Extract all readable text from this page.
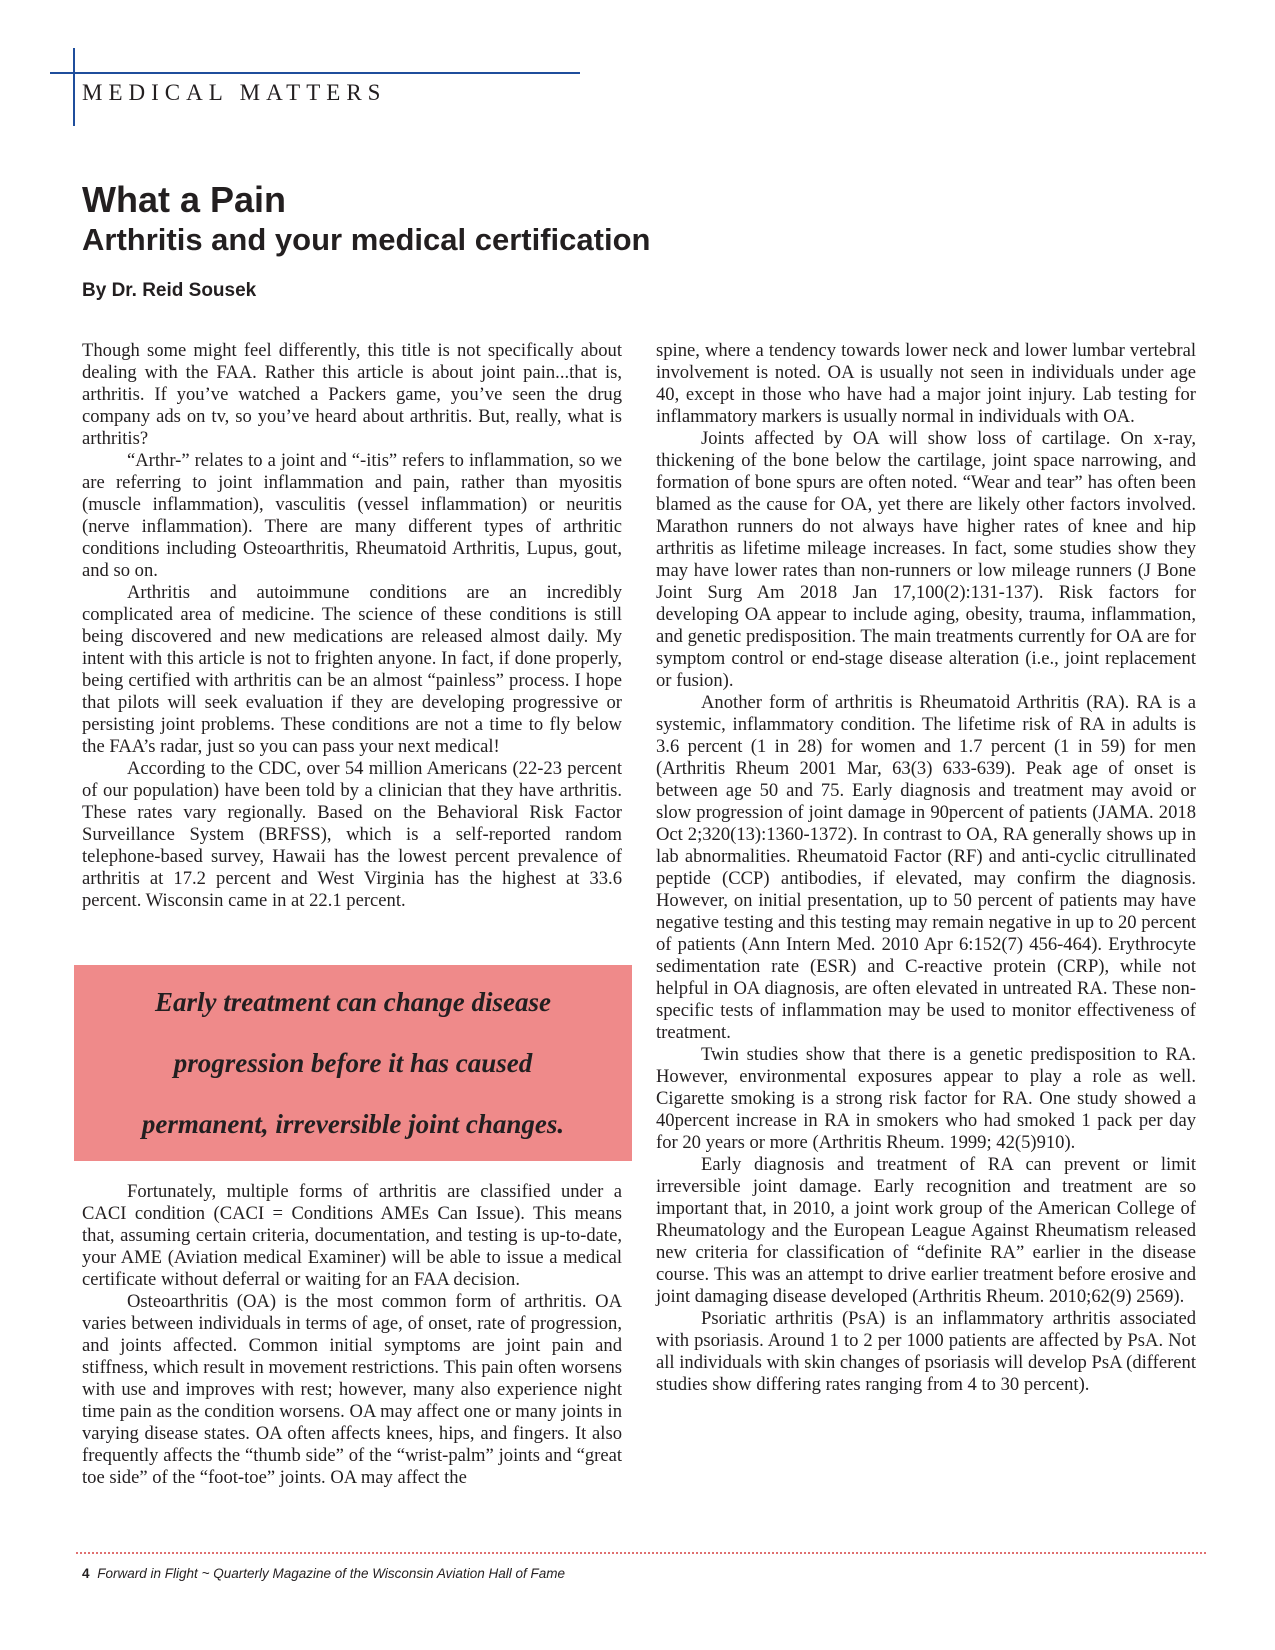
MEDICAL MATTERS
What a Pain
Arthritis and your medical certification
By Dr. Reid Sousek

Though some might feel differently, this title is not specifically about dealing with the FAA. Rather this article is about joint pain...that is, arthritis. If you’ve watched a Packers game, you’ve seen the drug company ads on tv, so you’ve heard about arthritis. But, really, what is arthritis?

“Arthr-” relates to a joint and “-itis” refers to inflammation, so we are referring to joint inflammation and pain, rather than myositis (muscle inflammation), vasculitis (vessel inflammation) or neuritis (nerve inflammation). There are many different types of arthritic conditions including Osteoarthritis, Rheumatoid Arthritis, Lupus, gout, and so on.

Arthritis and autoimmune conditions are an incredibly complicated area of medicine. The science of these conditions is still being discovered and new medications are released almost daily. My intent with this article is not to frighten anyone. In fact, if done properly, being certified with arthritis can be an almost “painless” process. I hope that pilots will seek evaluation if they are developing progressive or persisting joint problems. These conditions are not a time to fly below the FAA’s radar, just so you can pass your next medical!

According to the CDC, over 54 million Americans (22-23 percent of our population) have been told by a clinician that they have arthritis. These rates vary regionally. Based on the Behavioral Risk Factor Surveillance System (BRFSS), which is a self-reported random telephone-based survey, Hawaii has the lowest percent prevalence of arthritis at 17.2 percent and West Virginia has the highest at 33.6 percent. Wisconsin came in at 22.1 percent.

Early treatment can change disease

progression before it has caused

permanent, irreversible joint changes.

Fortunately, multiple forms of arthritis are classified under a CACI condition (CACI = Conditions AMEs Can Issue). This means that, assuming certain criteria, documentation, and testing is up-to-date, your AME (Aviation medical Examiner) will be able to issue a medical certificate without deferral or waiting for an FAA decision.

Osteoarthritis (OA) is the most common form of arthritis. OA varies between individuals in terms of age, of onset, rate of progression, and joints affected. Common initial symptoms are joint pain and stiffness, which result in movement restrictions. This pain often worsens with use and improves with rest; however, many also experience night time pain as the condition worsens. OA may affect one or many joints in varying disease states. OA often affects knees, hips, and fingers. It also frequently affects the “thumb side” of the “wrist-palm” joints and “great toe side” of the “foot-toe” joints. OA may affect the

spine, where a tendency towards lower neck and lower lumbar vertebral involvement is noted. OA is usually not seen in individuals under age 40, except in those who have had a major joint injury. Lab testing for inflammatory markers is usually normal in individuals with OA.

Joints affected by OA will show loss of cartilage. On x-ray, thickening of the bone below the cartilage, joint space narrowing, and formation of bone spurs are often noted. “Wear and tear” has often been blamed as the cause for OA, yet there are likely other factors involved. Marathon runners do not always have higher rates of knee and hip arthritis as lifetime mileage increases. In fact, some studies show they may have lower rates than non-runners or low mileage runners (J Bone Joint Surg Am 2018 Jan 17,100(2):131-137). Risk factors for developing OA appear to include aging, obesity, trauma, inflammation, and genetic predisposition. The main treatments currently for OA are for symptom control or end-stage disease alteration (i.e., joint replacement or fusion).

Another form of arthritis is Rheumatoid Arthritis (RA). RA is a systemic, inflammatory condition. The lifetime risk of RA in adults is 3.6 percent (1 in 28) for women and 1.7 percent (1 in 59) for men (Arthritis Rheum 2001 Mar, 63(3) 633-639). Peak age of onset is between age 50 and 75. Early diagnosis and treatment may avoid or slow progression of joint damage in 90percent of patients (JAMA. 2018 Oct 2;320(13):1360-1372). In contrast to OA, RA generally shows up in lab abnormalities. Rheumatoid Factor (RF) and anti-cyclic citrullinated peptide (CCP) antibodies, if elevated, may confirm the diagnosis. However, on initial presentation, up to 50 percent of patients may have negative testing and this testing may remain negative in up to 20 percent of patients (Ann Intern Med. 2010 Apr 6:152(7) 456-464). Erythrocyte sedimentation rate (ESR) and C-reactive protein (CRP), while not helpful in OA diagnosis, are often elevated in untreated RA. These non-specific tests of inflammation may be used to monitor effectiveness of treatment.

Twin studies show that there is a genetic predisposition to RA. However, environmental exposures appear to play a role as well. Cigarette smoking is a strong risk factor for RA. One study showed a 40percent increase in RA in smokers who had smoked 1 pack per day for 20 years or more (Arthritis Rheum. 1999; 42(5)910).

Early diagnosis and treatment of RA can prevent or limit irreversible joint damage. Early recognition and treatment are so important that, in 2010, a joint work group of the American College of Rheumatology and the European League Against Rheumatism released new criteria for classification of “definite RA” earlier in the disease course. This was an attempt to drive earlier treatment before erosive and joint damaging disease developed (Arthritis Rheum. 2010;62(9) 2569).

Psoriatic arthritis (PsA) is an inflammatory arthritis associated with psoriasis. Around 1 to 2 per 1000 patients are affected by PsA. Not all individuals with skin changes of psoriasis will develop PsA (different studies show differing rates ranging from 4 to 30 percent).

4 Forward in Flight ~ Quarterly Magazine of the Wisconsin Aviation Hall of Fame
